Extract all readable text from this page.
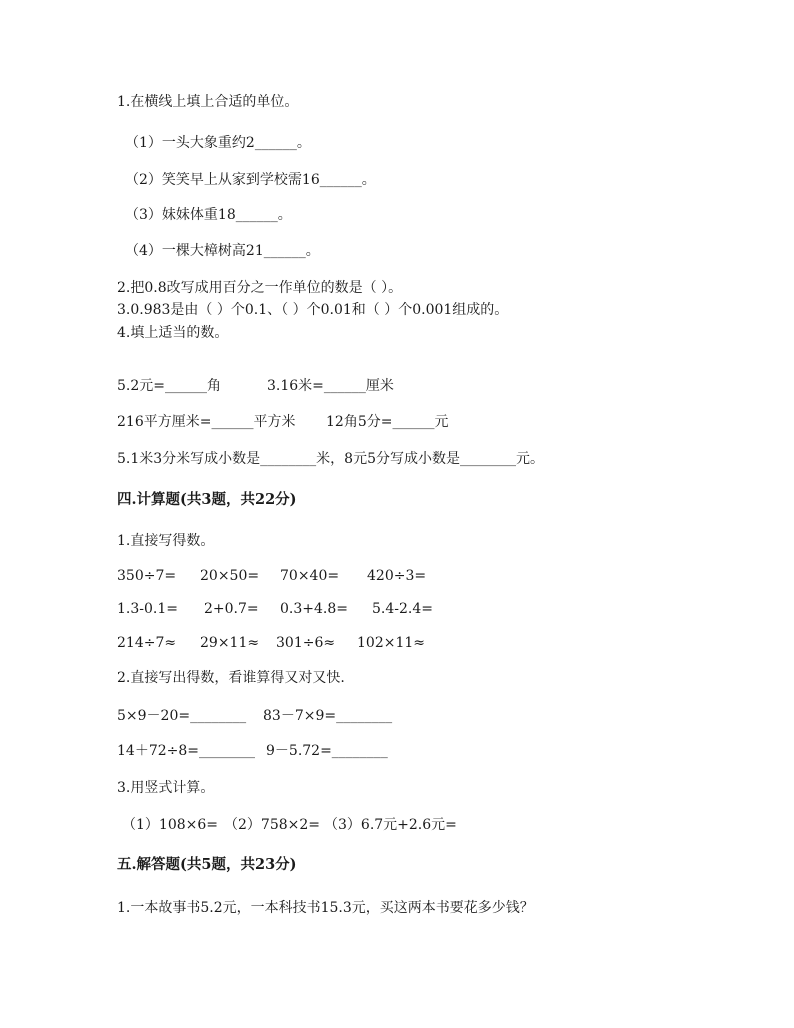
1.在横线上填上合适的单位。
（1）一头大象重约2______。
（2）笑笑早上从家到学校需16______。
（3）妹妹体重18______。
（4）一棵大樟树高21______。
2.把0.8改写成用百分之一作单位的数是（ ）。
3.0.983是由（ ）个0.1、（ ）个0.01和（ ）个0.001组成的。
4.填上适当的数。
5.2元=______角	3.16米=______厘米
216平方厘米=______平方米 12角5分=______元
5.1米3分米写成小数是________米，8元5分写成小数是________元。
四.计算题(共3题，共22分)
1.直接写得数。
350÷7= 20×50= 70×40= 420÷3=
1.3-0.1= 2+0.7= 0.3+4.8= 5.4-2.4=
214÷7≈ 29×11≈ 301÷6≈ 102×11≈
2.直接写出得数，看谁算得又对又快.
5×9－20=________ 83－7×9=________
14＋72÷8=________ 9－5.72=________
3.用竖式计算。
（1）108×6= （2）758×2= （3）6.7元+2.6元=
五.解答题(共5题，共23分)
1.一本故事书5.2元，一本科技书15.3元，买这两本书要花多少钱？
